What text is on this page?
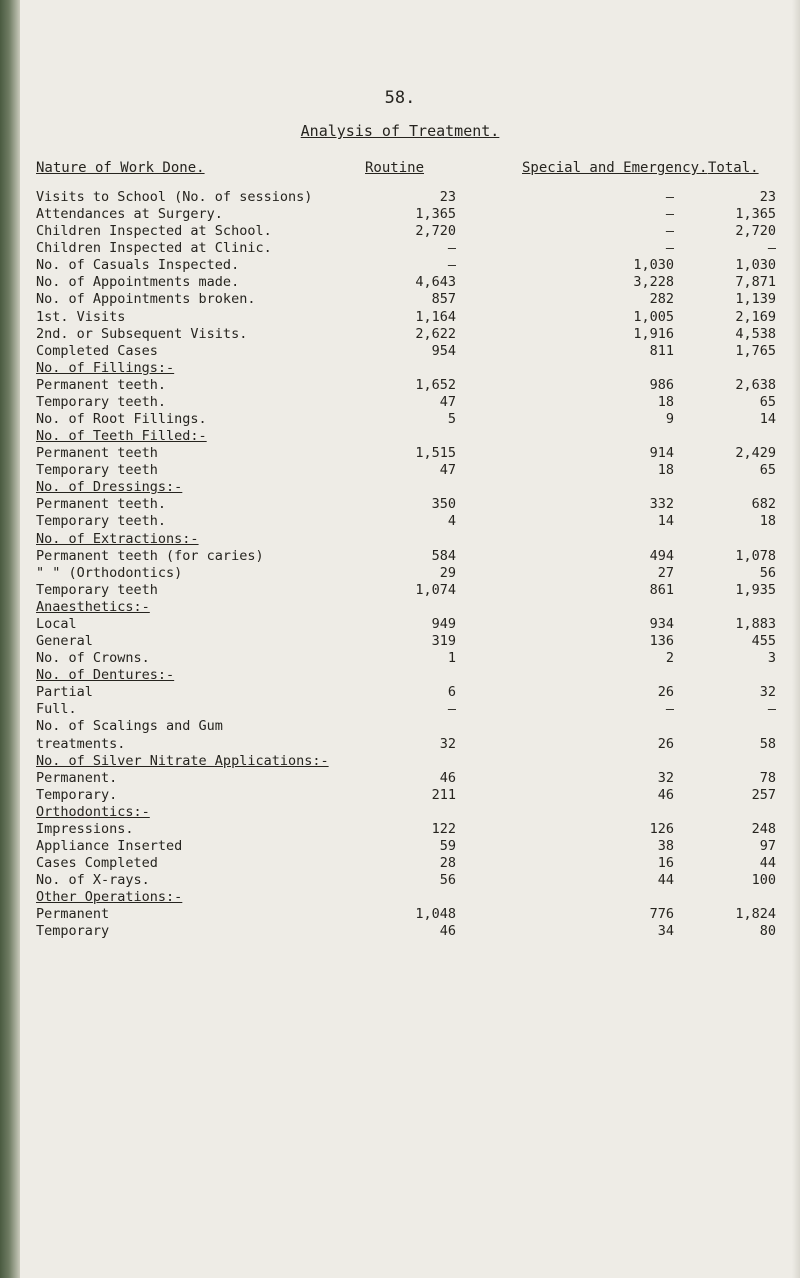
58.
Analysis of Treatment.
Nature of Work Done.	Routine	Special and Emergency. Total.
Visits to School (No. of sessions)	23	–	23
Attendances at Surgery.	1,365	–	1,365
Children Inspected at School.	2,720	–	2,720
Children Inspected at Clinic.	–	–	–
No. of Casuals Inspected.	–	1,030	1,030
No. of Appointments made.	4,643	3,228	7,871
No. of Appointments broken.	857	282	1,139
1st. Visits	1,164	1,005	2,169
2nd. or Subsequent Visits.	2,622	1,916	4,538
Completed Cases	954	811	1,765
No. of Fillings:-
Permanent teeth.	1,652	986	2,638
Temporary teeth.	47	18	65
No. of Root Fillings.	5	9	14
No. of Teeth Filled:-
Permanent teeth	1,515	914	2,429
Temporary teeth	47	18	65
No. of Dressings:-
Permanent teeth.	350	332	682
Temporary teeth.	4	14	18
No. of Extractions:-
Permanent teeth (for caries)	584	494	1,078
" " (Orthodontics)	29	27	56
Temporary teeth	1,074	861	1,935
Anaesthetics:-
Local	949	934	1,883
General	319	136	455
No. of Crowns.	1	2	3
No. of Dentures:-
Partial	6	26	32
Full.	–	–	–
No. of Scalings and Gum
treatments.	32	26	58
No. of Silver Nitrate Applications:-
Permanent.	46	32	78
Temporary.	211	46	257
Orthodontics:-
Impressions.	122	126	248
Appliance Inserted	59	38	97
Cases Completed	28	16	44
No. of X-rays.	56	44	100
Other Operations:-
Permanent	1,048	776	1,824
Temporary	46	34	80
